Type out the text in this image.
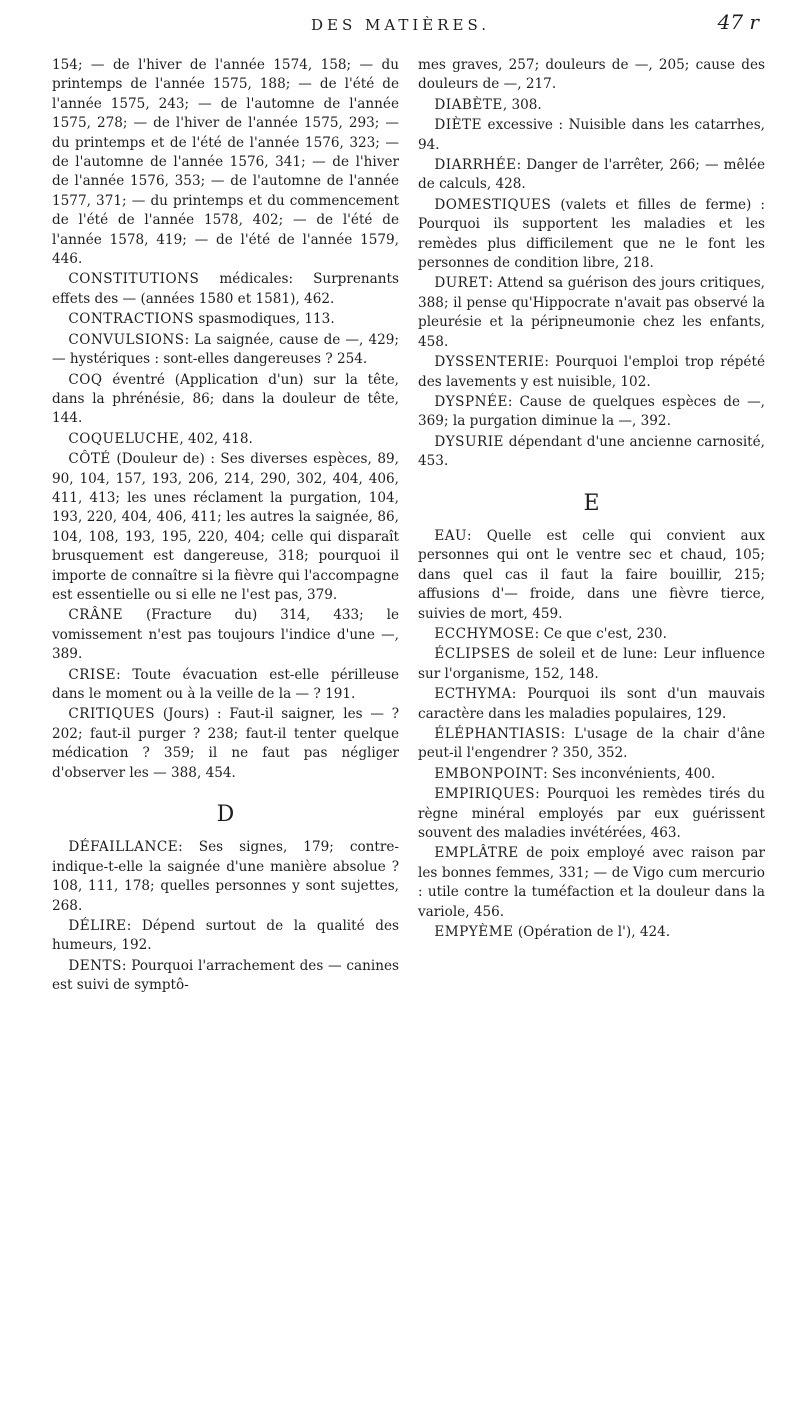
DES MATIÈRES.	47 r

154; — de l'hiver de l'année 1574, 158; — du printemps de l'année 1575, 188; — de l'été de l'année 1575, 243; — de l'automne de l'année 1575, 278; — de l'hiver de l'année 1575, 293; — du printemps et de l'été de l'année 1576, 323; — de l'automne de l'année 1576, 341; — de l'hiver de l'année 1576, 353; — de l'automne de l'année 1577, 371; — du printemps et du commencement de l'été de l'année 1578, 402; — de l'été de l'année 1578, 419; — de l'été de l'année 1579, 446.

CONSTITUTIONS médicales: Surprenants effets des — (années 1580 et 1581), 462.

CONTRACTIONS spasmodiques, 113.

CONVULSIONS: La saignée, cause de —, 429; — hystériques : sont-elles dangereuses ? 254.

COQ éventré (Application d'un) sur la tête, dans la phrénésie, 86; dans la douleur de tête, 144.

COQUELUCHE, 402, 418.

CÔTÉ (Douleur de) : Ses diverses espèces, 89, 90, 104, 157, 193, 206, 214, 290, 302, 404, 406, 411, 413; les unes réclament la purgation, 104, 193, 220, 404, 406, 411; les autres la saignée, 86, 104, 108, 193, 195, 220, 404; celle qui disparaît brusquement est dangereuse, 318; pourquoi il importe de connaître si la fièvre qui l'accompagne est essentielle ou si elle ne l'est pas, 379.

CRÂNE (Fracture du) 314, 433; le vomissement n'est pas toujours l'indice d'une —, 389.

CRISE: Toute évacuation est-elle périlleuse dans le moment ou à la veille de la — ? 191.

CRITIQUES (Jours) : Faut-il saigner, les — ? 202; faut-il purger ? 238; faut-il tenter quelque médication ? 359; il ne faut pas négliger d'observer les — 388, 454.

D

DÉFAILLANCE: Ses signes, 179; contre-indique-t-elle la saignée d'une manière absolue ? 108, 111, 178; quelles personnes y sont sujettes, 268.

DÉLIRE: Dépend surtout de la qualité des humeurs, 192.

DENTS: Pourquoi l'arrachement des — canines est suivi de symptô-

mes graves, 257; douleurs de —, 205; cause des douleurs de —, 217.

DIABÈTE, 308.

DIÈTE excessive : Nuisible dans les catarrhes, 94.

DIARRHÉE: Danger de l'arrêter, 266; — mêlée de calculs, 428.

DOMESTIQUES (valets et filles de ferme) : Pourquoi ils supportent les maladies et les remèdes plus difficilement que ne le font les personnes de condition libre, 218.

DURET: Attend sa guérison des jours critiques, 388; il pense qu'Hippocrate n'avait pas observé la pleurésie et la péripneumonie chez les enfants, 458.

DYSSENTERIE: Pourquoi l'emploi trop répété des lavements y est nuisible, 102.

DYSPNÉE: Cause de quelques espèces de —, 369; la purgation diminue la —, 392.

DYSURIE dépendant d'une ancienne carnosité, 453.

E

EAU: Quelle est celle qui convient aux personnes qui ont le ventre sec et chaud, 105; dans quel cas il faut la faire bouillir, 215; affusions d'— froide, dans une fièvre tierce, suivies de mort, 459.

ECCHYMOSE: Ce que c'est, 230.

ÉCLIPSES de soleil et de lune: Leur influence sur l'organisme, 152, 148.

ECTHYMA: Pourquoi ils sont d'un mauvais caractère dans les maladies populaires, 129.

ÉLÉPHANTIASIS: L'usage de la chair d'âne peut-il l'engendrer ? 350, 352.

EMBONPOINT: Ses inconvénients, 400.

EMPIRIQUES: Pourquoi les remèdes tirés du règne minéral employés par eux guérissent souvent des maladies invétérées, 463.

EMPLÂTRE de poix employé avec raison par les bonnes femmes, 331; — de Vigo cum mercurio : utile contre la tuméfaction et la douleur dans la variole, 456.

EMPYÈME (Opération de l'), 424.
